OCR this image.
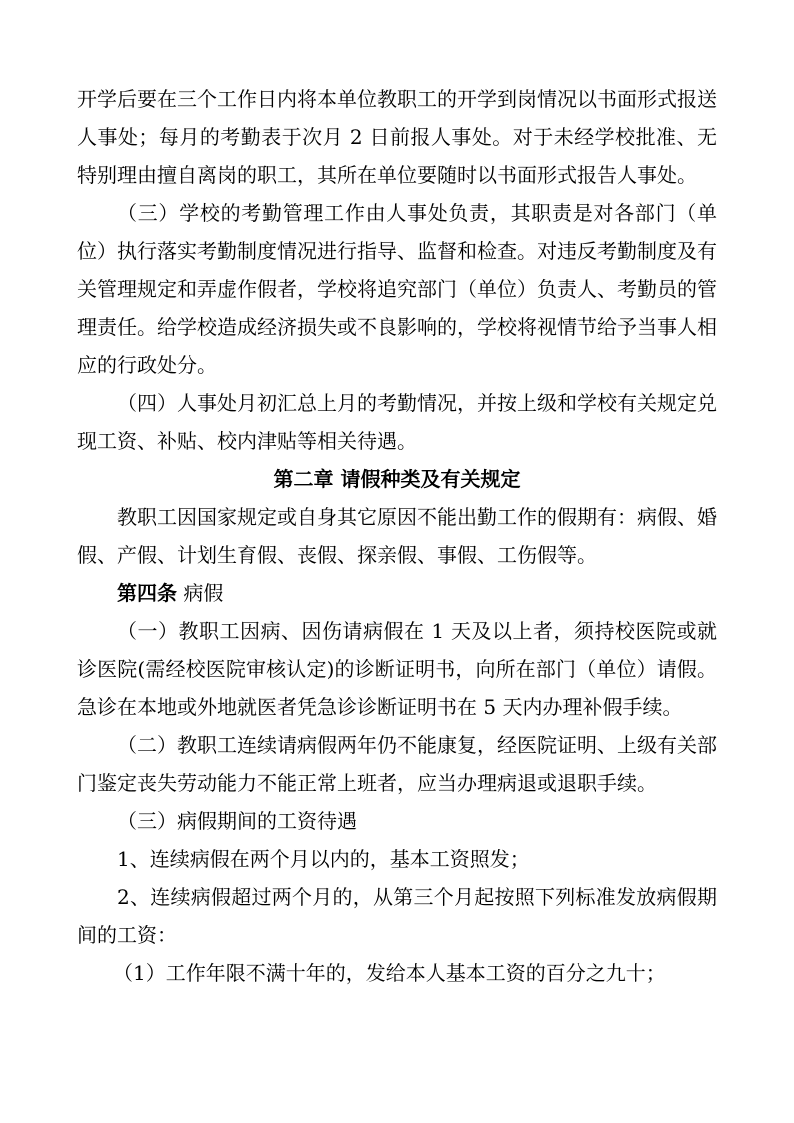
开学后要在三个工作日内将本单位教职工的开学到岗情况以书面形式报送人事处；每月的考勤表于次月 2 日前报人事处。对于未经学校批准、无特别理由擅自离岗的职工，其所在单位要随时以书面形式报告人事处。

（三）学校的考勤管理工作由人事处负责，其职责是对各部门（单位）执行落实考勤制度情况进行指导、监督和检查。对违反考勤制度及有关管理规定和弄虚作假者，学校将追究部门（单位）负责人、考勤员的管理责任。给学校造成经济损失或不良影响的，学校将视情节给予当事人相应的行政处分。

（四）人事处月初汇总上月的考勤情况，并按上级和学校有关规定兑现工资、补贴、校内津贴等相关待遇。

第二章 请假种类及有关规定

教职工因国家规定或自身其它原因不能出勤工作的假期有：病假、婚假、产假、计划生育假、丧假、探亲假、事假、工伤假等。

第四条 病假

（一）教职工因病、因伤请病假在 1 天及以上者，须持校医院或就诊医院(需经校医院审核认定)的诊断证明书，向所在部门（单位）请假。急诊在本地或外地就医者凭急诊诊断证明书在 5 天内办理补假手续。

（二）教职工连续请病假两年仍不能康复，经医院证明、上级有关部门鉴定丧失劳动能力不能正常上班者，应当办理病退或退职手续。

（三）病假期间的工资待遇

1、连续病假在两个月以内的，基本工资照发；

2、连续病假超过两个月的，从第三个月起按照下列标准发放病假期间的工资：

（1）工作年限不满十年的，发给本人基本工资的百分之九十；
